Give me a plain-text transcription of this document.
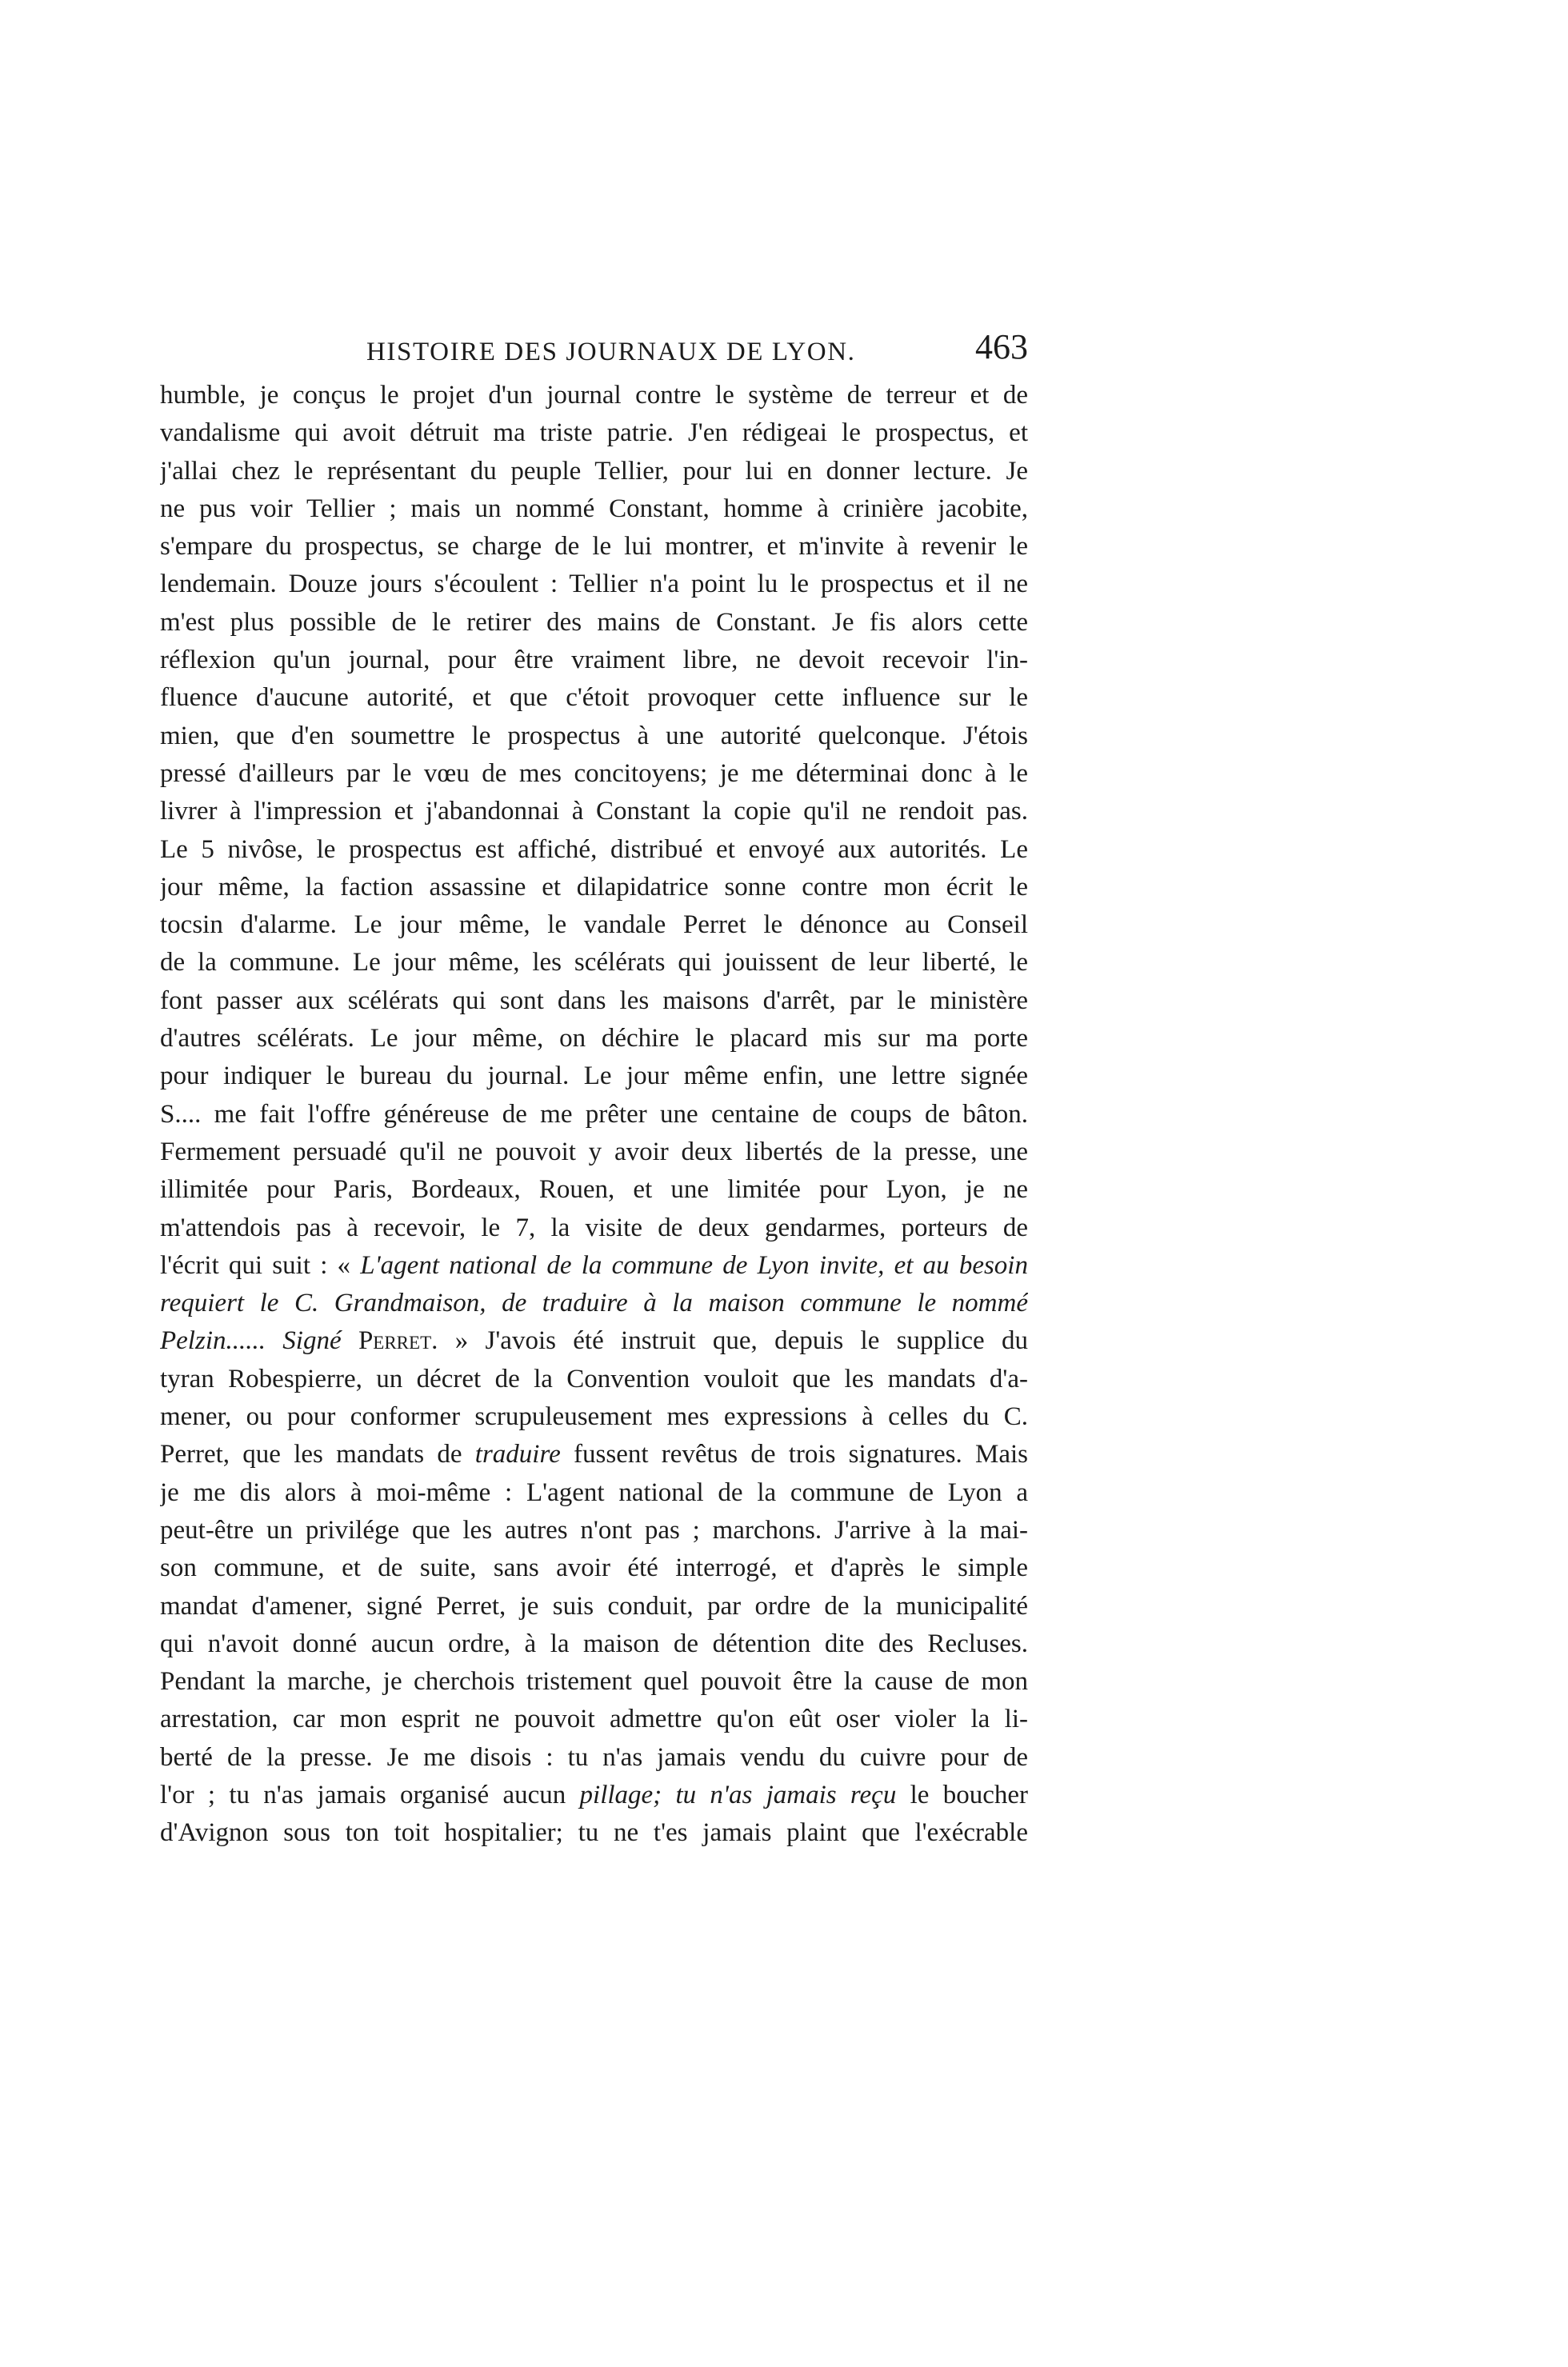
HISTOIRE DES JOURNAUX DE LYON.	463
humble, je conçus le projet d'un journal contre le système de terreur et de
vandalisme qui avoit détruit ma triste patrie. J'en rédigeai le prospectus, et
j'allai chez le représentant du peuple Tellier, pour lui en donner lecture. Je
ne pus voir Tellier ; mais un nommé Constant, homme à crinière jacobite,
s'empare du prospectus, se charge de le lui montrer, et m'invite à revenir le
lendemain. Douze jours s'écoulent : Tellier n'a point lu le prospectus et il ne
m'est plus possible de le retirer des mains de Constant. Je fis alors cette
réflexion qu'un journal, pour être vraiment libre, ne devoit recevoir l'in-
fluence d'aucune autorité, et que c'étoit provoquer cette influence sur le
mien, que d'en soumettre le prospectus à une autorité quelconque. J'étois
pressé d'ailleurs par le vœu de mes concitoyens; je me déterminai donc à le
livrer à l'impression et j'abandonnai à Constant la copie qu'il ne rendoit pas.
Le 5 nivôse, le prospectus est affiché, distribué et envoyé aux autorités. Le
jour même, la faction assassine et dilapidatrice sonne contre mon écrit le
tocsin d'alarme. Le jour même, le vandale Perret le dénonce au Conseil
de la commune. Le jour même, les scélérats qui jouissent de leur liberté, le
font passer aux scélérats qui sont dans les maisons d'arrêt, par le ministère
d'autres scélérats. Le jour même, on déchire le placard mis sur ma porte
pour indiquer le bureau du journal. Le jour même enfin, une lettre signée
S.... me fait l'offre généreuse de me prêter une centaine de coups de bâton.
Fermement persuadé qu'il ne pouvoit y avoir deux libertés de la presse, une
illimitée pour Paris, Bordeaux, Rouen, et une limitée pour Lyon, je ne
m'attendois pas à recevoir, le 7, la visite de deux gendarmes, porteurs de
l'écrit qui suit : « L'agent national de la commune de Lyon invite, et au besoin
requiert le C. Grandmaison, de traduire à la maison commune le nommé
Pelzin...... Signé Perret. » J'avois été instruit que, depuis le supplice du
tyran Robespierre, un décret de la Convention vouloit que les mandats d'a-
mener, ou pour conformer scrupuleusement mes expressions à celles du C.
Perret, que les mandats de traduire fussent revêtus de trois signatures. Mais
je me dis alors à moi-même : L'agent national de la commune de Lyon a
peut-être un privilége que les autres n'ont pas ; marchons. J'arrive à la mai-
son commune, et de suite, sans avoir été interrogé, et d'après le simple
mandat d'amener, signé Perret, je suis conduit, par ordre de la municipalité
qui n'avoit donné aucun ordre, à la maison de détention dite des Recluses.
Pendant la marche, je cherchois tristement quel pouvoit être la cause de mon
arrestation, car mon esprit ne pouvoit admettre qu'on eût oser violer la li-
berté de la presse. Je me disois : tu n'as jamais vendu du cuivre pour de
l'or ; tu n'as jamais organisé aucun pillage; tu n'as jamais reçu le boucher
d'Avignon sous ton toit hospitalier; tu ne t'es jamais plaint que l'exécrable
